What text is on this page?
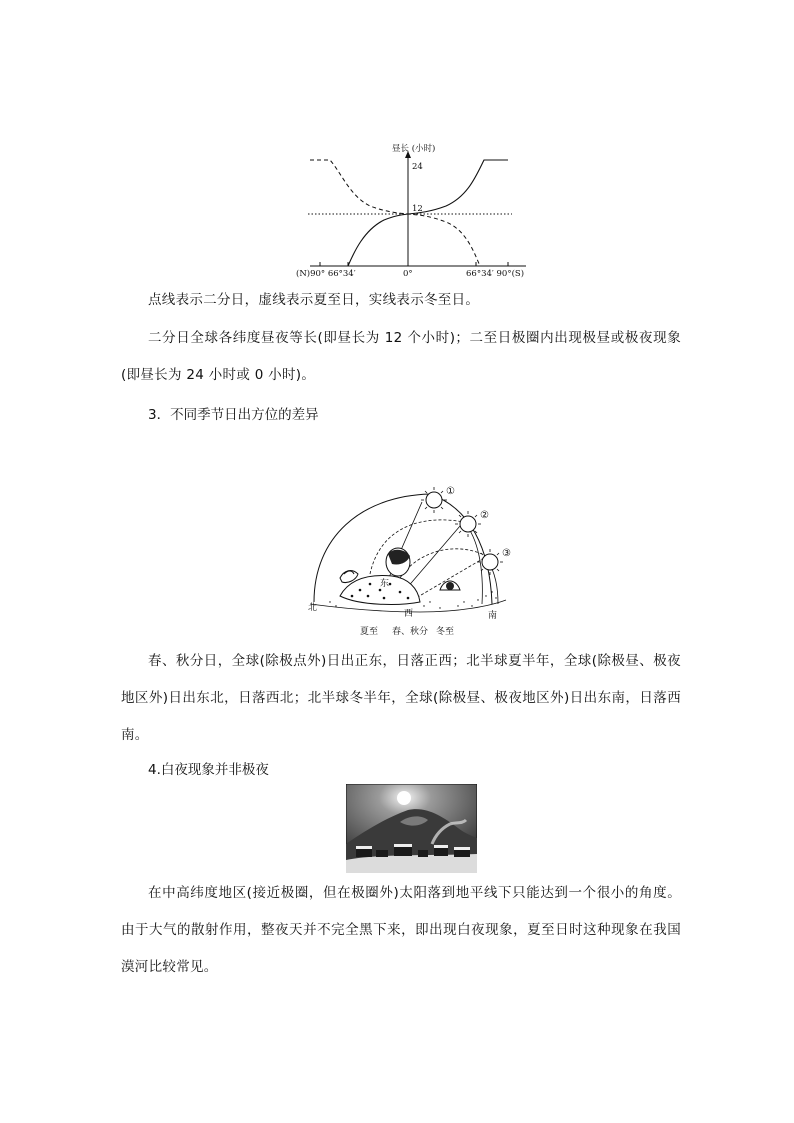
昼长 (小时)
24
12
(N)90° 66°34′	0°	66°34′ 90°(S)

点线表示二分日，虚线表示夏至日，实线表示冬至日。

二分日全球各纬度昼夜等长(即昼长为 12 个小时)；二至日极圈内出现极昼或极夜现象(即昼长为 24 小时或 0 小时)。

3．不同季节日出方位的差异

①
②
③
北
东
西	南
夏至 春、秋分 冬至

春、秋分日，全球(除极点外)日出正东，日落正西；北半球夏半年，全球(除极昼、极夜地区外)日出东北，日落西北；北半球冬半年，全球(除极昼、极夜地区外)日出东南，日落西南。

4.白夜现象并非极夜

在中高纬度地区(接近极圈，但在极圈外)太阳落到地平线下只能达到一个很小的角度。由于大气的散射作用，整夜天并不完全黑下来，即出现白夜现象，夏至日时这种现象在我国漠河比较常见。
